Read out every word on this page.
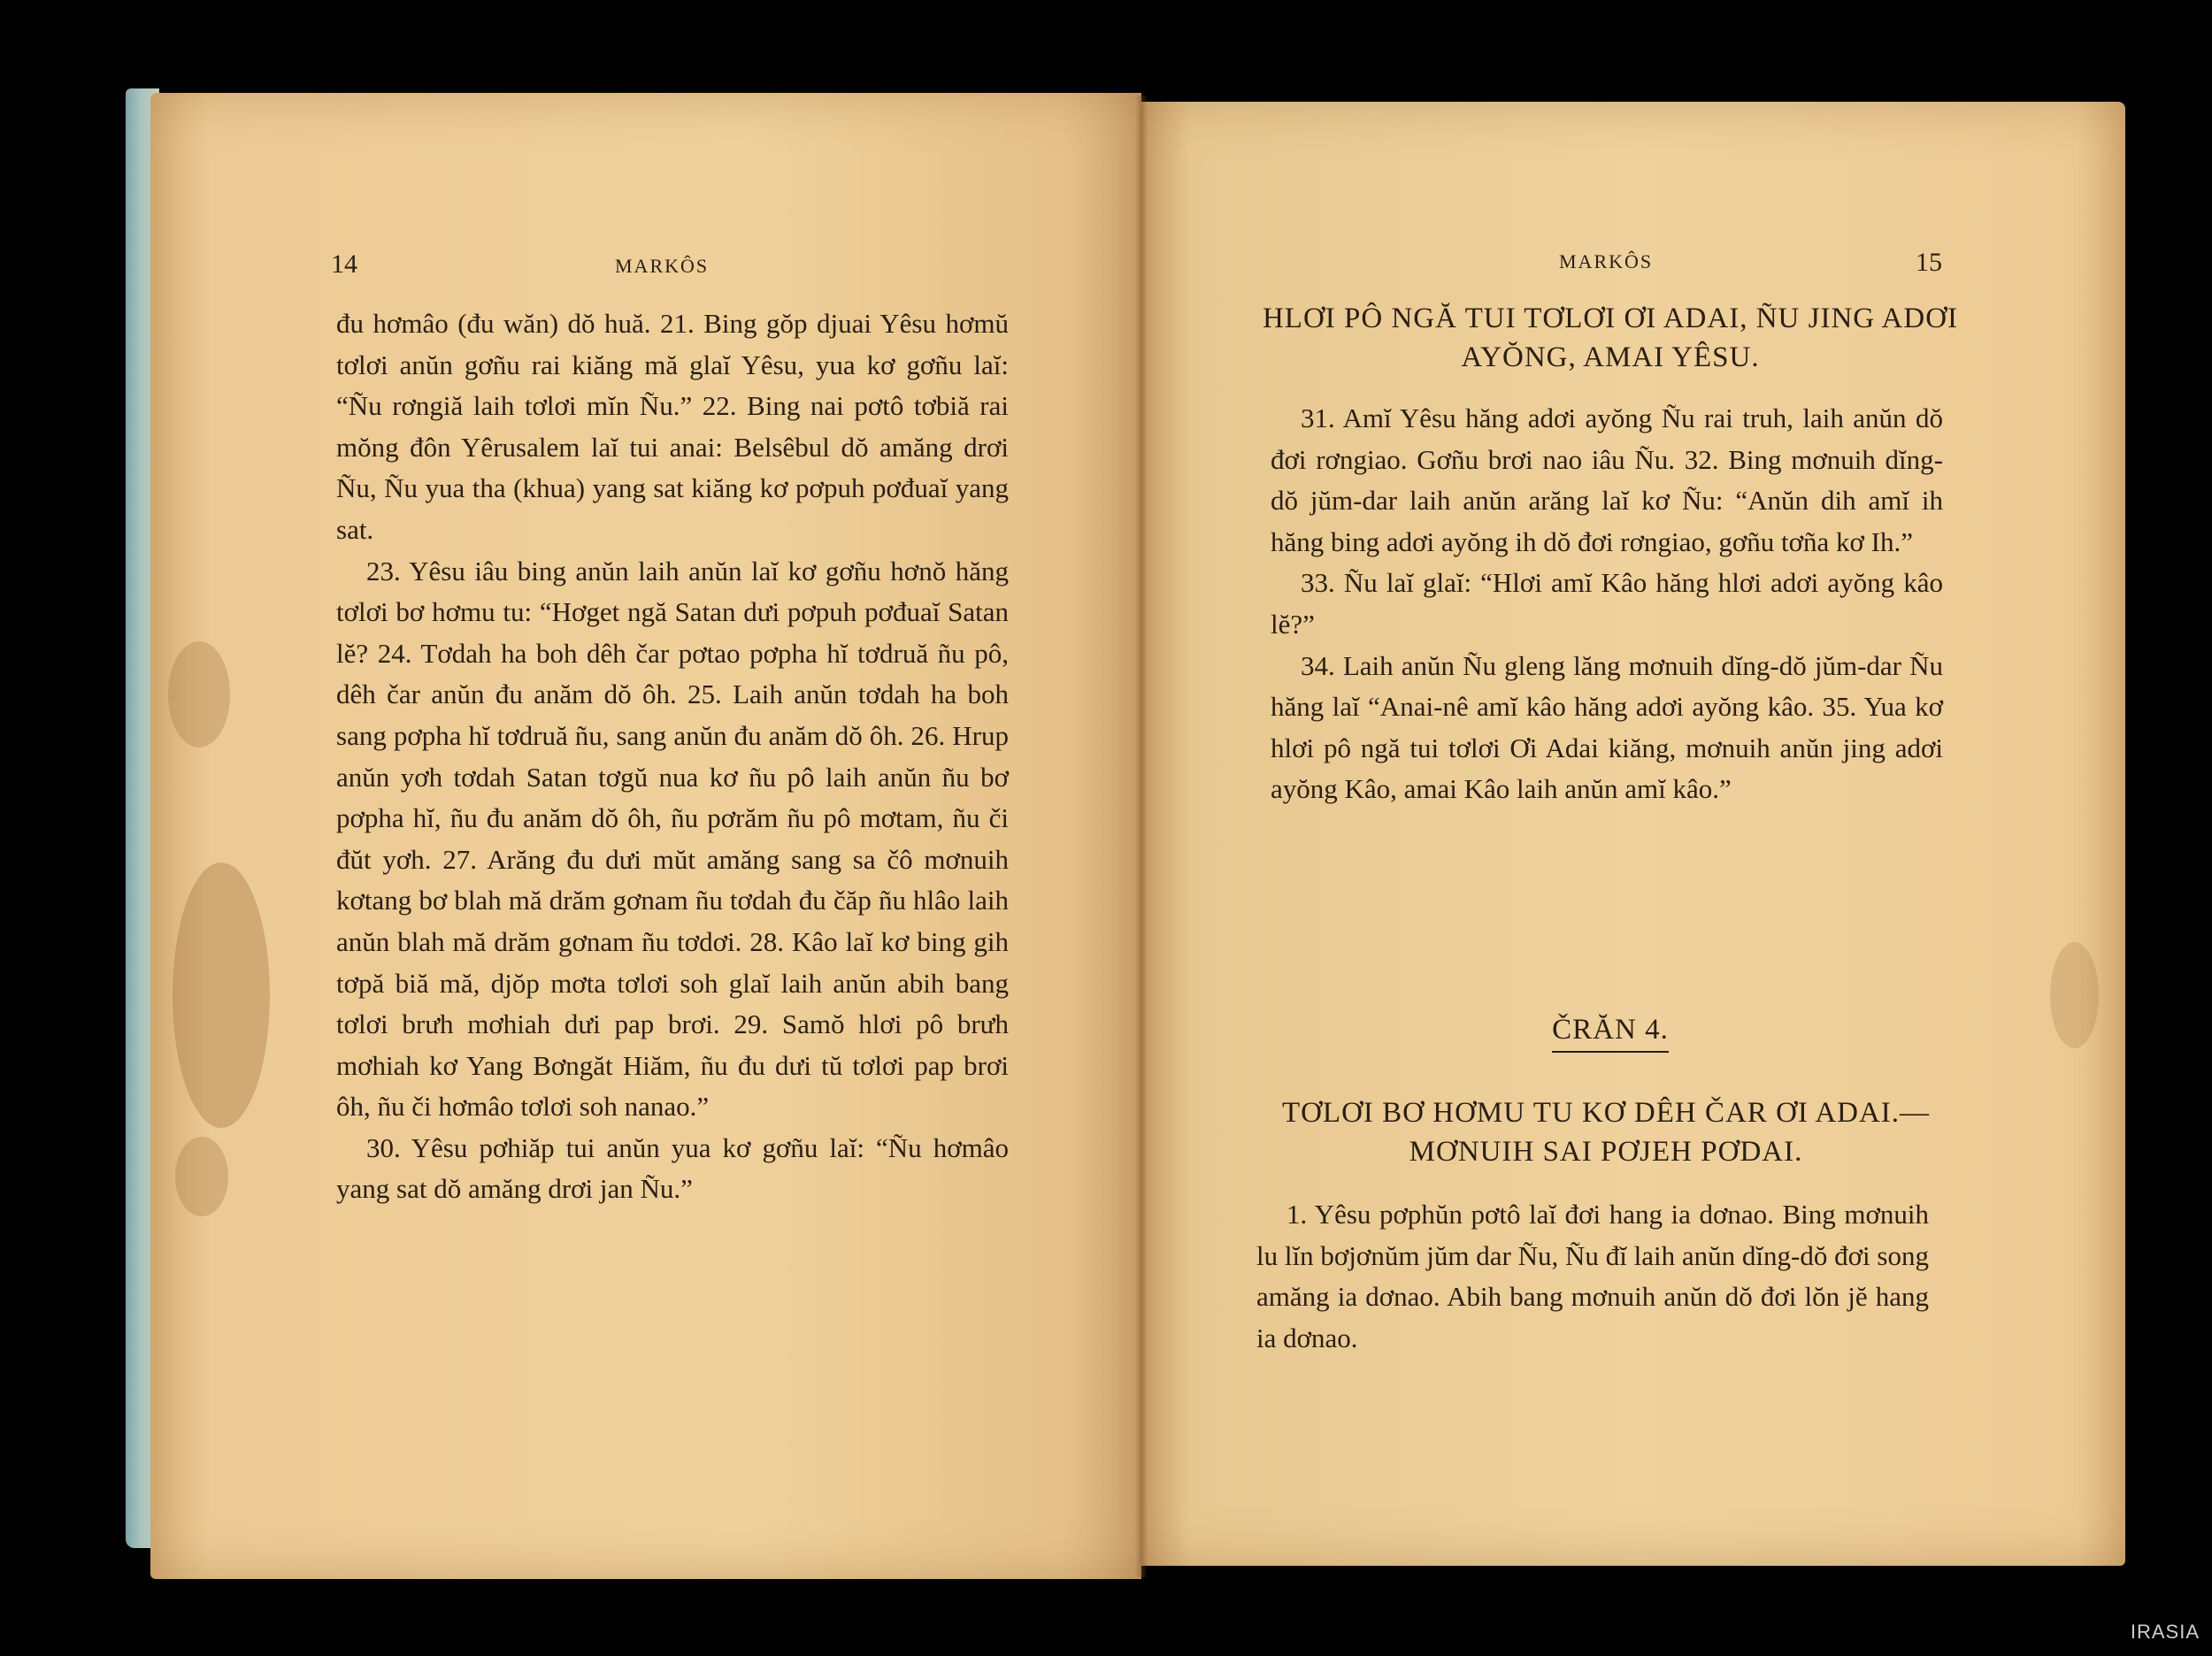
14	MARKÔS

đu hơmâo (đu wăn) dŏ huă. 21. Bing gŏp djuai Yêsu hơmŭ tơlơi anŭn gơñu rai kiăng mă glaĭ Yêsu, yua kơ gơñu laĭ: “Ñu rơngiă laih tơlơi mĭn Ñu.” 22. Bing nai pơtô tơbiă rai mŏng đôn Yêrusalem laĭ tui anai: Belsêbul dŏ amăng drơi Ñu, Ñu yua tha (khua) yang sat kiăng kơ pơpuh pơđuaĭ yang sat.

23. Yêsu iâu bing anŭn laih anŭn laĭ kơ gơñu hơnŏ hăng tơlơi bơ hơmu tu: “Hơget ngă Satan dưi pơpuh pơđuaĭ Satan lĕ? 24. Tơdah ha boh dêh čar pơtao pơpha hĭ tơdruă ñu pô, dêh čar anŭn đu anăm dŏ ôh. 25. Laih anŭn tơdah ha boh sang pơpha hĭ tơdruă ñu, sang anŭn đu anăm dŏ ôh. 26. Hrup anŭn yơh tơdah Satan tơgŭ nua kơ ñu pô laih anŭn ñu bơ pơpha hĭ, ñu đu anăm dŏ ôh, ñu pơrăm ñu pô mơtam, ñu či đŭt yơh. 27. Arăng đu dưi mŭt amăng sang sa čô mơnuih kơtang bơ blah mă drăm gơnam ñu tơdah đu čăp ñu hlâo laih anŭn blah mă drăm gơnam ñu tơdơi. 28. Kâo laĭ kơ bing gih tơpă biă mă, djŏp mơta tơlơi soh glaĭ laih anŭn abih bang tơlơi brưh mơhiah dưi pap brơi. 29. Samŏ hlơi pô brưh mơhiah kơ Yang Bơngăt Hiăm, ñu đu dưi tŭ tơlơi pap brơi ôh, ñu či hơmâo tơlơi soh nanao.”

30. Yêsu pơhiăp tui anŭn yua kơ gơñu laĭ: “Ñu hơmâo yang sat dŏ amăng drơi jan Ñu.”

MARKÔS	15
HLƠI PÔ NGĂ TUI TƠLƠI ƠI ADAI, ÑU JING ADƠI AYŎNG, AMAI YÊSU.

31. Amĭ Yêsu hăng adơi ayŏng Ñu rai truh, laih anŭn dŏ đơi rơngiao. Gơñu brơi nao iâu Ñu. 32. Bing mơnuih dĭng-dŏ jŭm-dar laih anŭn arăng laĭ kơ Ñu: “Anŭn dih amĭ ih hăng bing adơi ayŏng ih dŏ đơi rơngiao, gơñu tơña kơ Ih.”

33. Ñu laĭ glaĭ: “Hlơi amĭ Kâo hăng hlơi adơi ayŏng kâo lĕ?”

34. Laih anŭn Ñu gleng lăng mơnuih dĭng-dŏ jŭm-dar Ñu hăng laĭ “Anai-nê amĭ kâo hăng adơi ayŏng kâo. 35. Yua kơ hlơi pô ngă tui tơlơi Ơi Adai kiăng, mơnuih anŭn jing adơi ayŏng Kâo, amai Kâo laih anŭn amĭ kâo.”

ČRĂN 4.
TƠLƠI BƠ HƠMU TU KƠ DÊH ČAR ƠI ADAI.—MƠNUIH SAI PƠJEH PƠDAI.

1. Yêsu pơphŭn pơtô laĭ đơi hang ia dơnao. Bing mơnuih lu lĭn bơjơnŭm jŭm dar Ñu, Ñu đĭ laih anŭn dĭng-dŏ đơi song amăng ia dơnao. Abih bang mơnuih anŭn dŏ đơi lŏn jĕ hang ia dơnao.

IRASIA
